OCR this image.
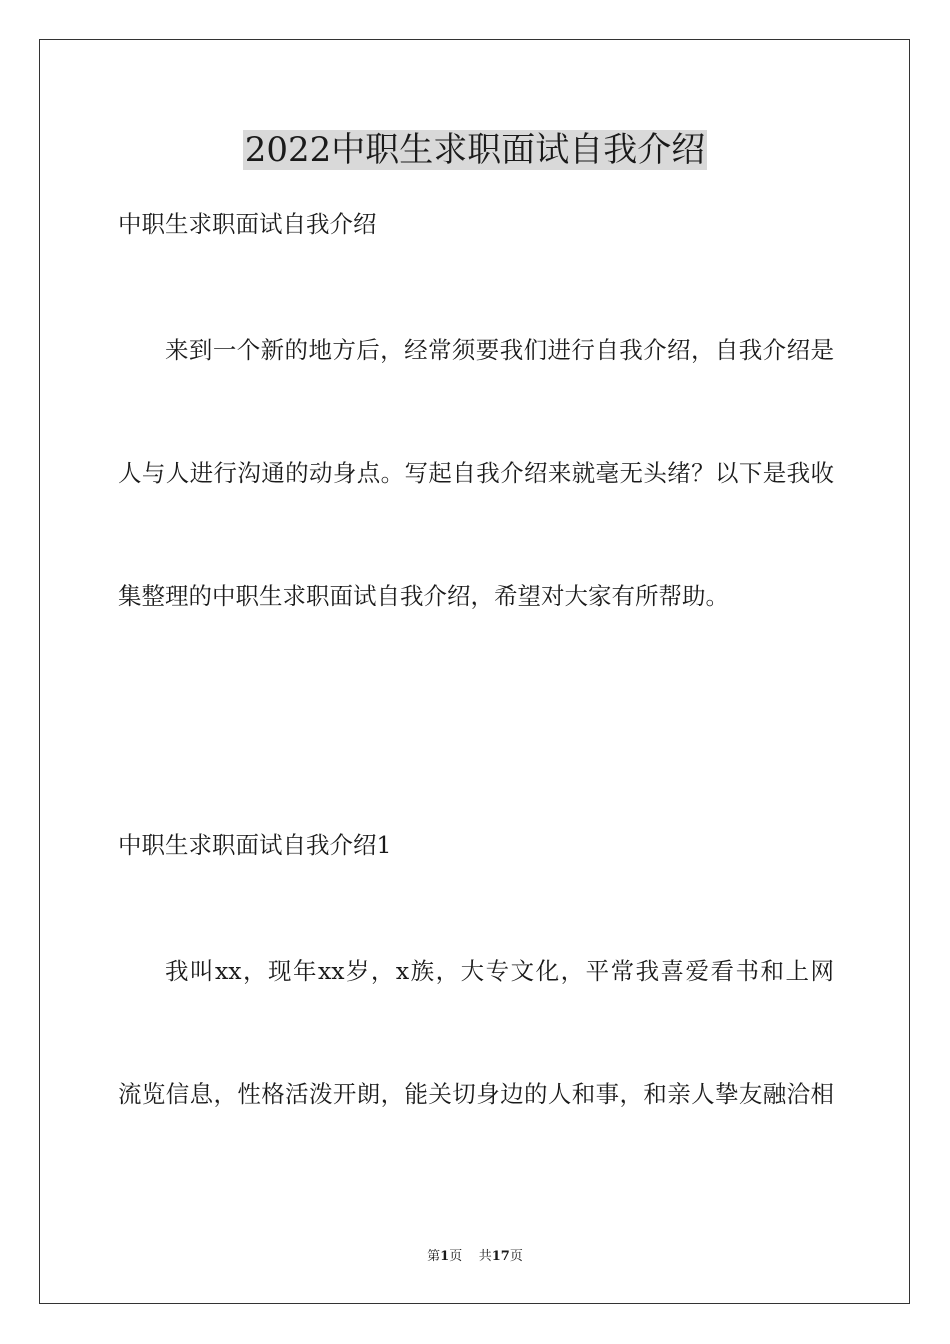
2022中职生求职面试自我介绍

中职生求职面试自我介绍

来到一个新的地方后，经常须要我们进行自我介绍，自我介绍是

人与人进行沟通的动身点。写起自我介绍来就毫无头绪？以下是我收

集整理的中职生求职面试自我介绍，希望对大家有所帮助。

中职生求职面试自我介绍1

我叫xx，现年xx岁，x族，大专文化，平常我喜爱看书和上网

流览信息，性格活泼开朗，能关切身边的人和事，和亲人挚友融洽相

第1页 共17页
